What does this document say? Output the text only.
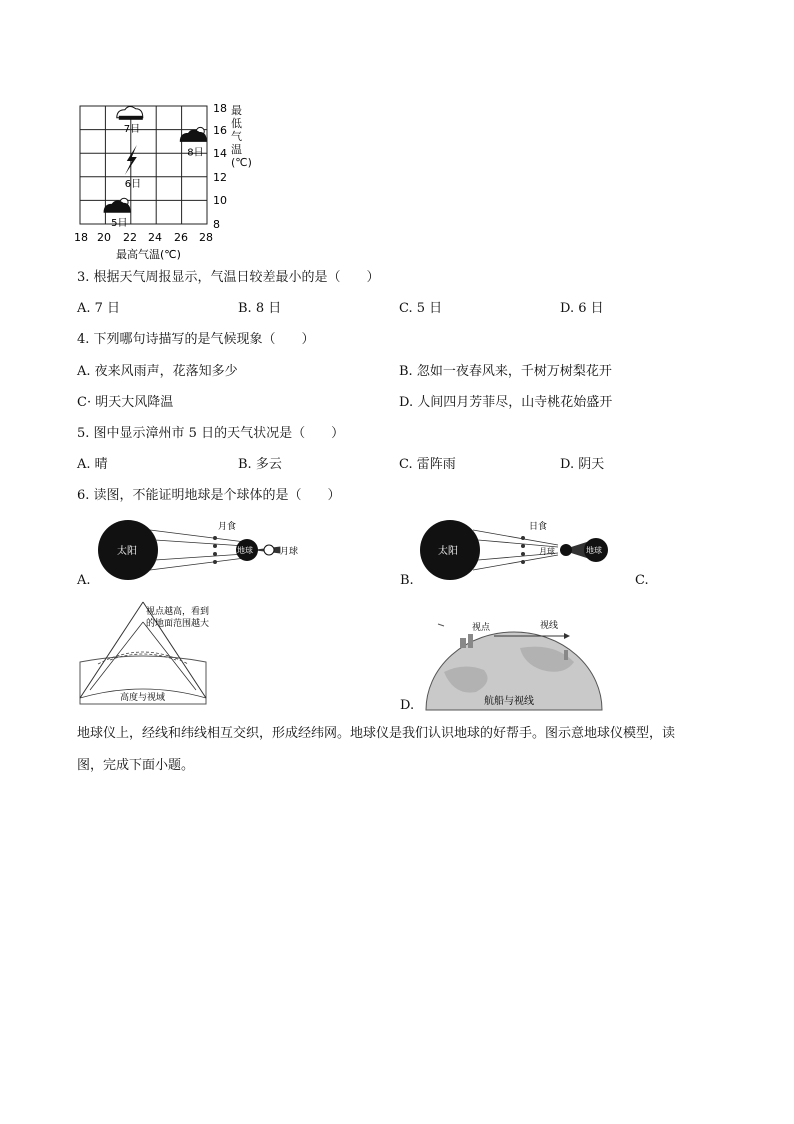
7日
8日
6日
5日
18
16
14
12
10
8
18 20 22 24 26 28
最高气温(℃)
最低气温(℃)
3. 根据天气周报显示，气温日较差最小的是（　　）
A. 7 日	B. 8 日	C. 5 日	D. 6 日
4. 下列哪句诗描写的是气候现象（　　）
A. 夜来风雨声，花落知多少	B. 忽如一夜春风来，千树万树梨花开
C· 明天大风降温	D. 人间四月芳菲尽，山寺桃花始盛开
5. 图中显示漳州市 5 日的天气状况是（　　）
A. 晴	B. 多云	C. 雷阵雨	D. 阴天
6. 读图，不能证明地球是个球体的是（　　）
太阳
月食
地球	月球
A.
太阳
日食
月球	地球
B.	C.
视点越高，看到
的地面范围越大
高度与视域
视点	视线
航船与视线
D.
地球仪上，经线和纬线相互交织，形成经纬网。地球仪是我们认识地球的好帮手。图示意地球仪模型，读
图，完成下面小题。
